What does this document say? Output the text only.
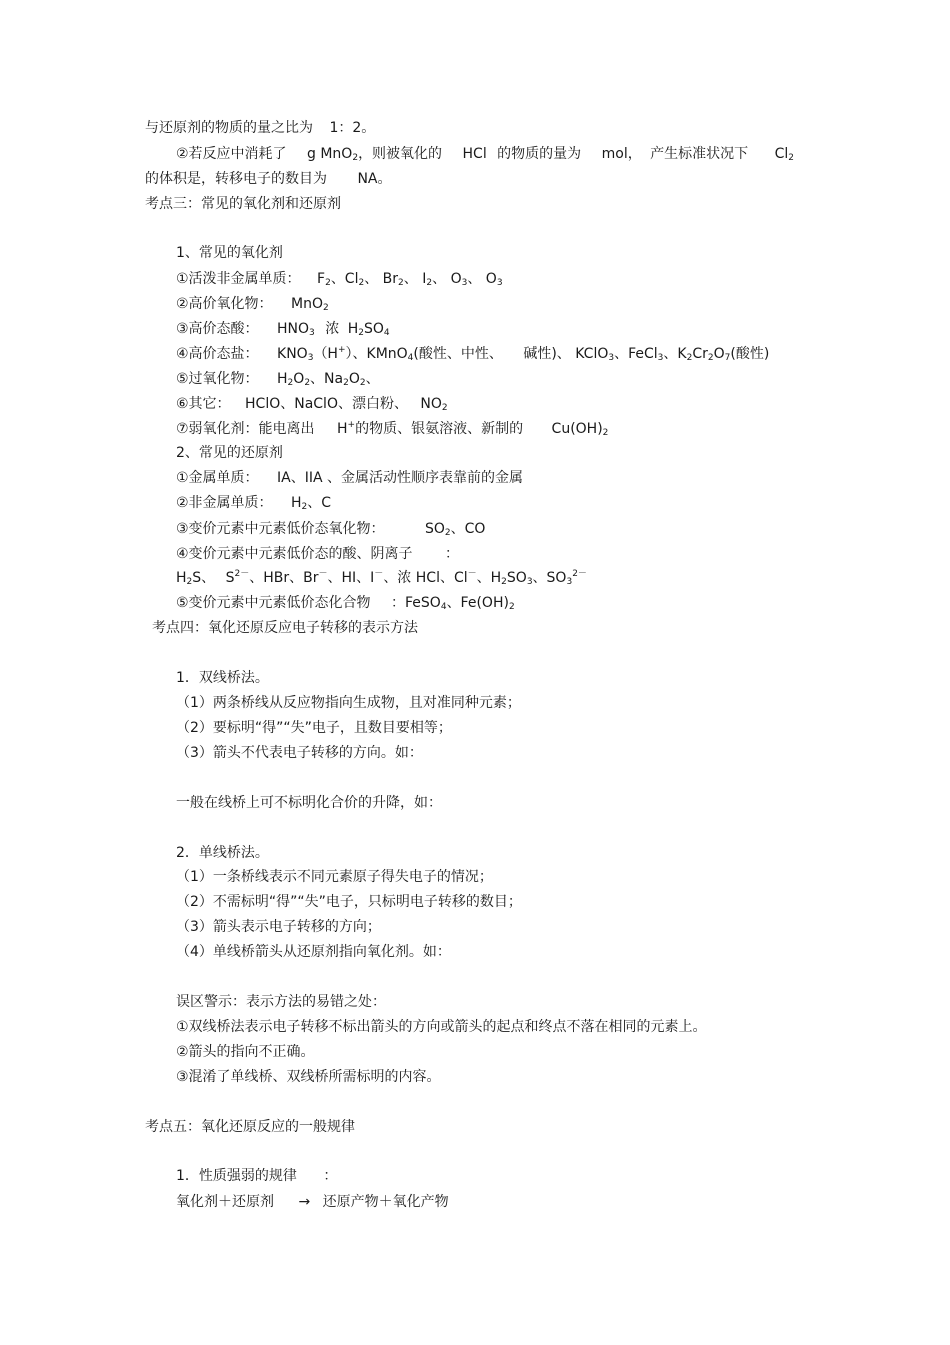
与还原剂的物质的量之比为 1：2。
②若反应中消耗了 g MnO$_2$，则被氧化的 HCl 的物质的量为 mol， 产生标准状况下 $Cl_2$
的体积是，转移电子的数目为 NA。
考点三：常见的氧化剂和还原剂
1、常见的氧化剂
①活泼非金属单质： $F_2$、$Cl_2$、 $Br_2$、 $I_2$、 $O_3$、 $O_3$
②高价氧化物： MnO$_2$
③高价态酸： $HNO_3$ 浓 $H_2SO_4$
④高价态盐： $KNO_3(H^+)$、KMnO$_4$(酸性、中性、 碱性)、 KClO$_3$、FeCl$_3$、$K_2Cr_2O_7$(酸性)
⑤过氧化物： $H_2O_2$、$Na_2O_2$、
⑥其它： HClO、NaClO、漂白粉、 $NO_2$
⑦弱氧化剂：能电离出 H+的物质、银氨溶液、新制的 $Cu(OH)_2$
2、常见的还原剂
①金属单质： IA、IIA 、金属活动性顺序表靠前的金属
②非金属单质： $H_2$、C
③变价元素中元素低价态氧化物：	$SO_2$、CO
④变价元素中元素低价态的酸、阴离子 ：
$H_2S$、 $S^{2-}$、HBr、Br－、HI、I－、浓 HCl、Cl－、$H_2SO_3$、$SO_3^{2-}$
⑤变价元素中元素低价态化合物 ：FeSO$_4$、$Fe(OH)_2$
考点四：氧化还原反应电子转移的表示方法
1．双线桥法。
（1）两条桥线从反应物指向生成物，且对准同种元素；
（2）要标明“得”“失”电子，且数目要相等；
（3）箭头不代表电子转移的方向。如：
一般在线桥上可不标明化合价的升降，如：
2．单线桥法。
（1）一条桥线表示不同元素原子得失电子的情况；
（2）不需标明“得”“失”电子，只标明电子转移的数目；
（3）箭头表示电子转移的方向；
（4）单线桥箭头从还原剂指向氧化剂。如：
误区警示：表示方法的易错之处：
①双线桥法表示电子转移不标出箭头的方向或箭头的起点和终点不落在相同的元素上。
②箭头的指向不正确。
③混淆了单线桥、双线桥所需标明的内容。
考点五：氧化还原反应的一般规律
1．性质强弱的规律 ：
氧化剂＋还原剂 → 还原产物＋氧化产物
